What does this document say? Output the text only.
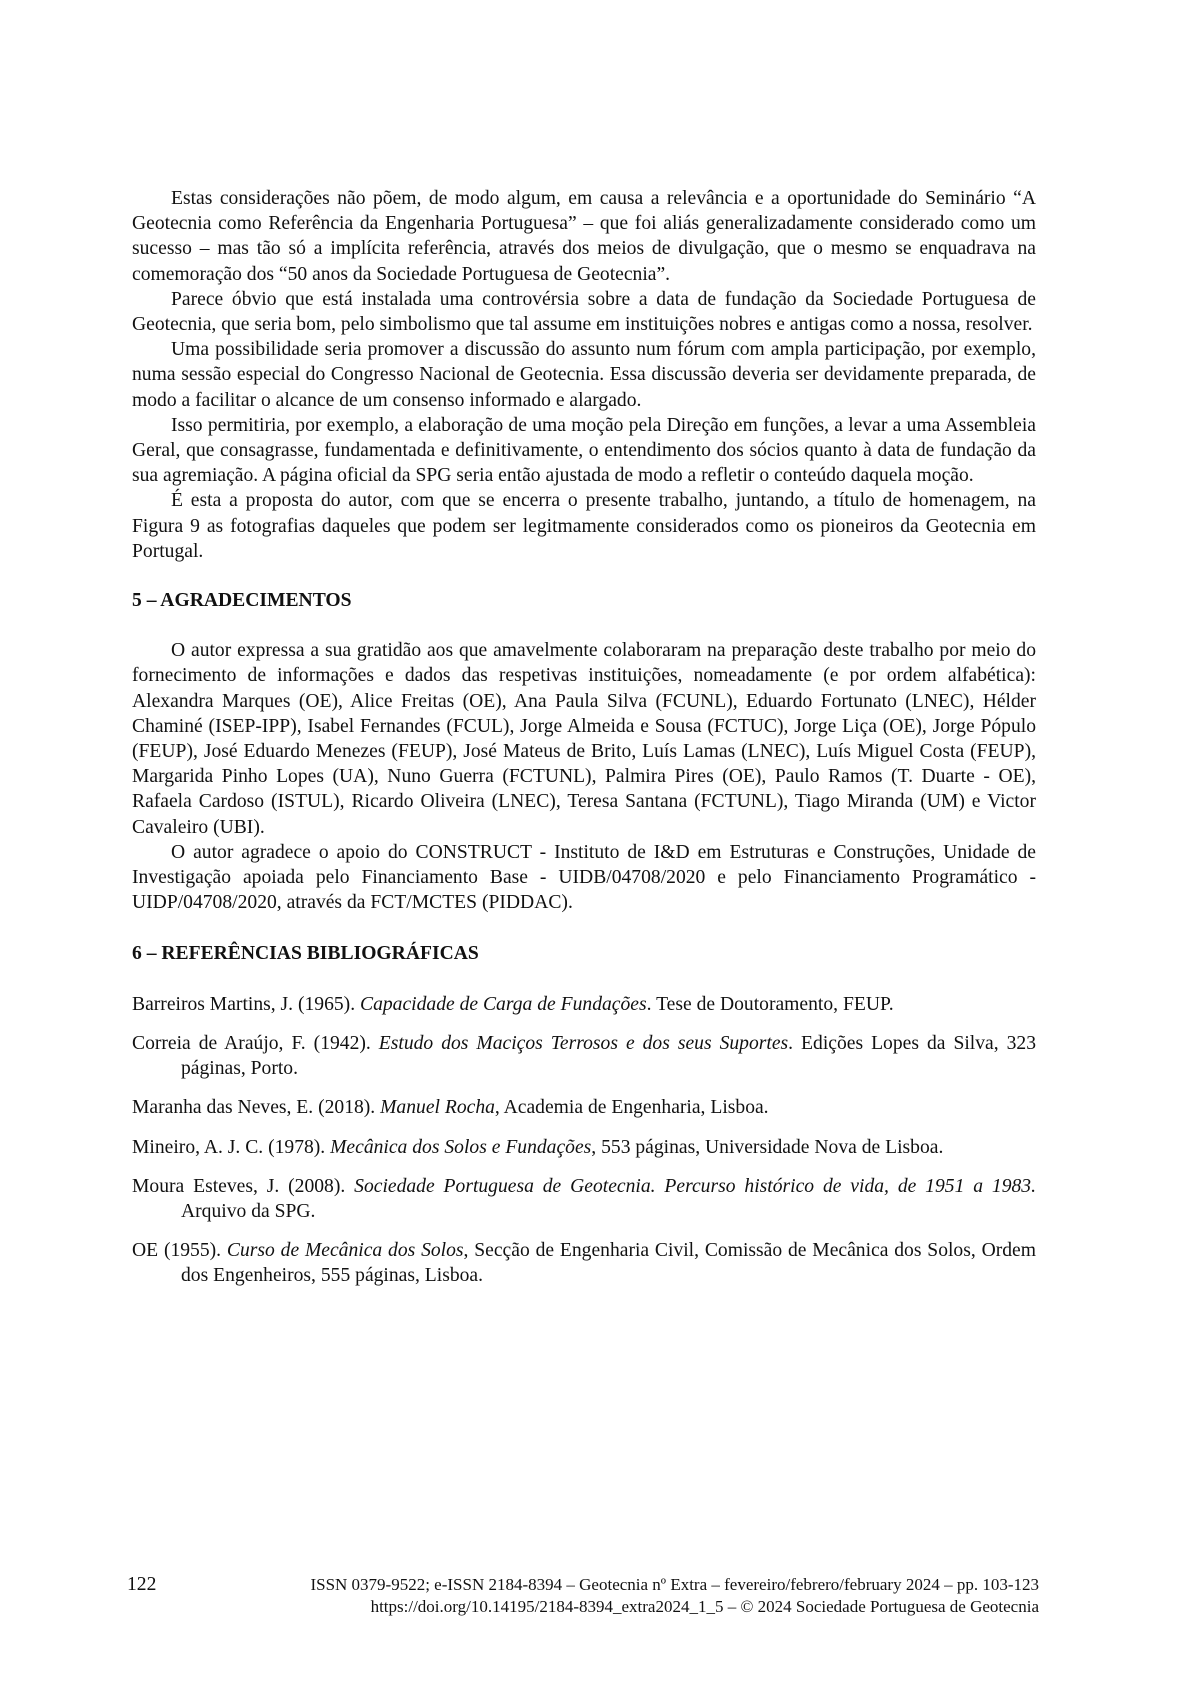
Estas considerações não põem, de modo algum, em causa a relevância e a oportunidade do Seminário “A Geotecnia como Referência da Engenharia Portuguesa” – que foi aliás generalizadamente considerado como um sucesso – mas tão só a implícita referência, através dos meios de divulgação, que o mesmo se enquadrava na comemoração dos “50 anos da Sociedade Portuguesa de Geotecnia”.

Parece óbvio que está instalada uma controvérsia sobre a data de fundação da Sociedade Portuguesa de Geotecnia, que seria bom, pelo simbolismo que tal assume em instituições nobres e antigas como a nossa, resolver.

Uma possibilidade seria promover a discussão do assunto num fórum com ampla participação, por exemplo, numa sessão especial do Congresso Nacional de Geotecnia. Essa discussão deveria ser devidamente preparada, de modo a facilitar o alcance de um consenso informado e alargado.

Isso permitiria, por exemplo, a elaboração de uma moção pela Direção em funções, a levar a uma Assembleia Geral, que consagrasse, fundamentada e definitivamente, o entendimento dos sócios quanto à data de fundação da sua agremiação. A página oficial da SPG seria então ajustada de modo a refletir o conteúdo daquela moção.

É esta a proposta do autor, com que se encerra o presente trabalho, juntando, a título de homenagem, na Figura 9 as fotografias daqueles que podem ser legitmamente considerados como os pioneiros da Geotecnia em Portugal.

5 – AGRADECIMENTOS

O autor expressa a sua gratidão aos que amavelmente colaboraram na preparação deste trabalho por meio do fornecimento de informações e dados das respetivas instituições, nomeadamente (e por ordem alfabética): Alexandra Marques (OE), Alice Freitas (OE), Ana Paula Silva (FCUNL), Eduardo Fortunato (LNEC), Hélder Chaminé (ISEP-IPP), Isabel Fernandes (FCUL), Jorge Almeida e Sousa (FCTUC), Jorge Liça (OE), Jorge Pópulo (FEUP), José Eduardo Menezes (FEUP), José Mateus de Brito, Luís Lamas (LNEC), Luís Miguel Costa (FEUP), Margarida Pinho Lopes (UA), Nuno Guerra (FCTUNL), Palmira Pires (OE), Paulo Ramos (T. Duarte - OE), Rafaela Cardoso (ISTUL), Ricardo Oliveira (LNEC), Teresa Santana (FCTUNL), Tiago Miranda (UM) e Victor Cavaleiro (UBI).

O autor agradece o apoio do CONSTRUCT - Instituto de I&D em Estruturas e Construções, Unidade de Investigação apoiada pelo Financiamento Base - UIDB/04708/2020 e pelo Financiamento Programático - UIDP/04708/2020, através da FCT/MCTES (PIDDAC).

6 – REFERÊNCIAS BIBLIOGRÁFICAS
Barreiros Martins, J. (1965). Capacidade de Carga de Fundações. Tese de Doutoramento, FEUP.
Correia de Araújo, F. (1942). Estudo dos Maciços Terrosos e dos seus Suportes. Edições Lopes da Silva, 323 páginas, Porto.
Maranha das Neves, E. (2018). Manuel Rocha, Academia de Engenharia, Lisboa.
Mineiro, A. J. C. (1978). Mecânica dos Solos e Fundações, 553 páginas, Universidade Nova de Lisboa.
Moura Esteves, J. (2008). Sociedade Portuguesa de Geotecnia. Percurso histórico de vida, de 1951 a 1983. Arquivo da SPG.
OE (1955). Curso de Mecânica dos Solos, Secção de Engenharia Civil, Comissão de Mecânica dos Solos, Ordem dos Engenheiros, 555 páginas, Lisboa.
122	ISSN 0379-9522; e-ISSN 2184-8394 – Geotecnia nº Extra – fevereiro/febrero/february 2024 – pp. 103-123
https://doi.org/10.14195/2184-8394_extra2024_1_5 – © 2024 Sociedade Portuguesa de Geotecnia
